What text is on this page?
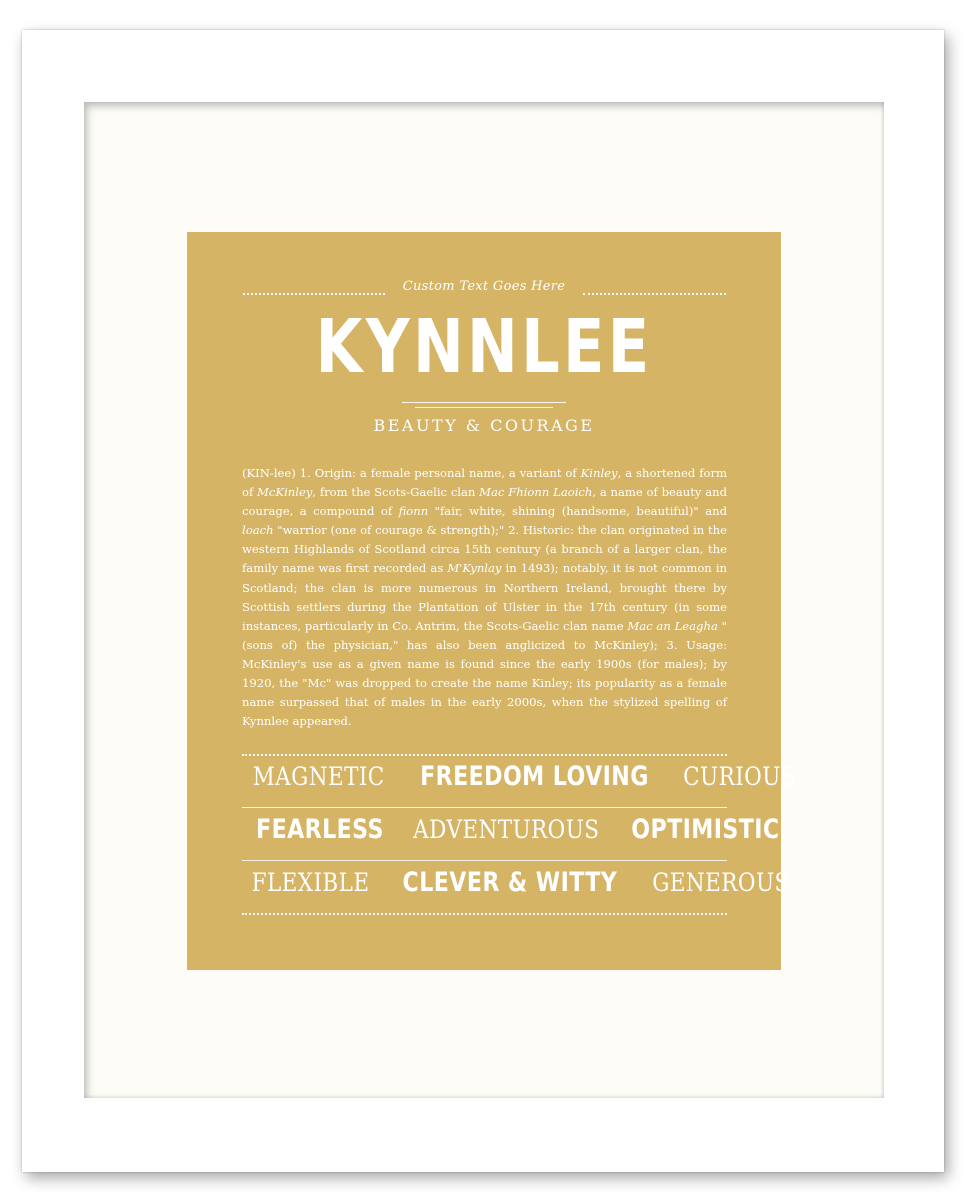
Custom Text Goes Here
KYNNLEE
BEAUTY & COURAGE
(KIN-lee) 1. Origin: a female personal name, a variant of Kinley, a shortened form of McKinley, from the Scots-Gaelic clan Mac Fhionn Laoich, a name of beauty and courage, a compound of fionn "fair, white, shining (handsome, beautiful)" and loach "warrior (one of courage & strength);" 2. Historic: the clan originated in the western Highlands of Scotland circa 15th century (a branch of a larger clan, the family name was first recorded as M'Kynlay in 1493); notably, it is not common in Scotland; the clan is more numerous in Northern Ireland, brought there by Scottish settlers during the Plantation of Ulster in the 17th century (in some instances, particularly in Co. Antrim, the Scots-Gaelic clan name Mac an Leagha "(sons of) the physician," has also been anglicized to McKinley); 3. Usage: McKinley's use as a given name is found since the early 1900s (for males); by 1920, the "Mc" was dropped to create the name Kinley; its popularity as a female name surpassed that of males in the early 2000s, when the stylized spelling of Kynnlee appeared.
MAGNETIC FREEDOM LOVING CURIOUS
FEARLESS ADVENTUROUS OPTIMISTIC
FLEXIBLE CLEVER & WITTY GENEROUS
